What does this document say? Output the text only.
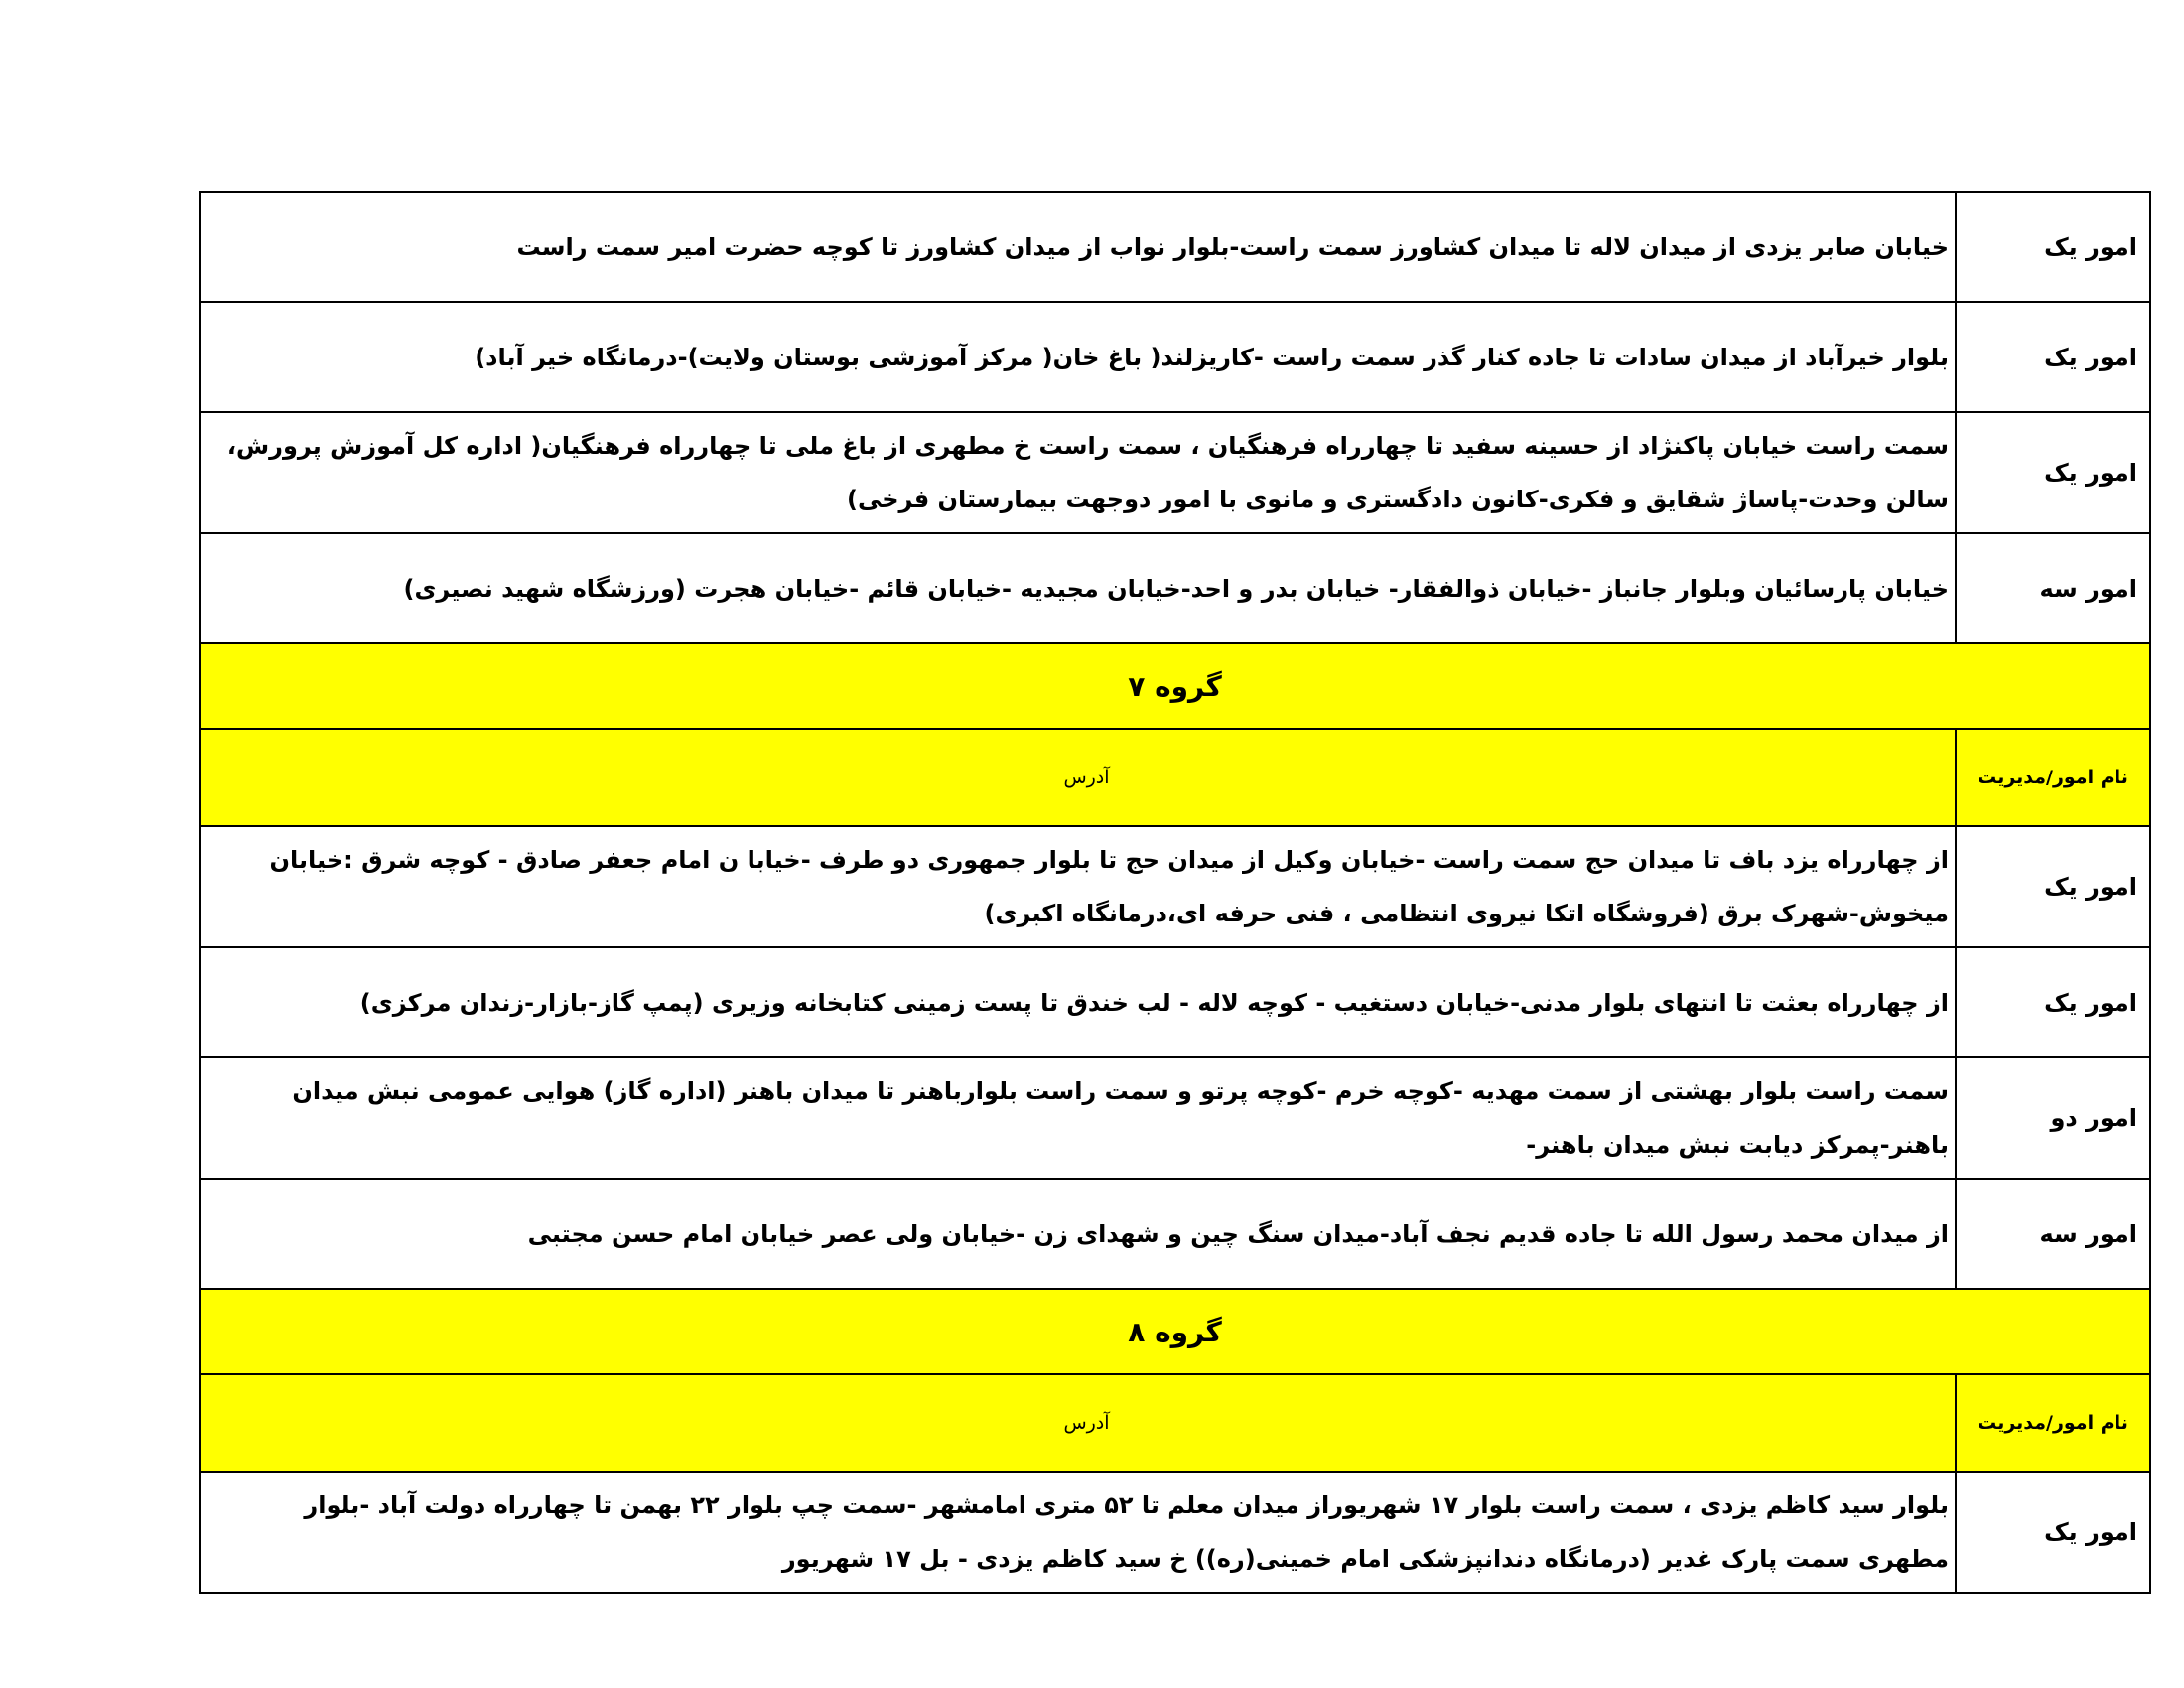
امور یک	خیابان صابر یزدی از میدان لاله تا میدان کشاورز سمت راست-بلوار نواب از میدان کشاورز تا کوچه حضرت امیر سمت راست
امور یک	بلوار خیرآباد از میدان سادات تا جاده کنار گذر سمت راست -کاریزلند( باغ خان( مرکز آموزشی بوستان ولایت)-درمانگاه خیر آباد)
امور یک	سمت راست خیابان پاکنژاد از حسینه سفید تا چهارراه فرهنگیان ، سمت راست خ مطهری از باغ ملی تا چهارراه فرهنگیان( اداره کل آموزش پرورش، سالن وحدت-پاساژ شقایق و فکری-کانون دادگستری و مانوی با امور دوجهت بیمارستان فرخی)
امور سه	خیابان پارسائیان وبلوار جانباز -خیابان ذوالفقار- خیابان بدر و احد-خیابان مجیدیه -خیابان قائم -خیابان هجرت (ورزشگاه شهید نصیری)
گروه ۷	
نام امور/مدیریت	آدرس
امور یک	از چهارراه یزد باف تا میدان حج سمت راست -خیابان وکیل از میدان حج تا بلوار جمهوری دو طرف -خیابا ن امام جعفر صادق - کوچه شرق :خیابان میخوش-شهرک برق (فروشگاه اتکا نیروی انتظامی ، فنی حرفه ای،درمانگاه اکبری)
امور یک	از چهارراه بعثت تا انتهای بلوار مدنی-خیابان دستغیب - کوچه لاله - لب خندق تا پست زمینی کتابخانه وزیری (پمپ گاز-بازار-زندان مرکزی)
امور دو	سمت راست بلوار بهشتی از سمت مهدیه -کوچه خرم -کوچه پرتو و سمت راست بلوارباهنر تا میدان باهنر (اداره گاز) هوایی عمومی نبش میدان باهنر-پمرکز دیابت نبش میدان باهنر-
امور سه	از میدان محمد رسول الله تا جاده قدیم نجف آباد-میدان سنگ چین و شهدای زن -خیابان ولی عصر خیابان امام حسن مجتبی
گروه ۸	
نام امور/مدیریت	آدرس
امور یک	بلوار سید کاظم یزدی ، سمت راست بلوار ۱۷ شهریوراز میدان معلم تا ۵۲ متری امامشهر -سمت چپ بلوار ۲۲ بهمن تا چهارراه دولت آباد -بلوار مطهری سمت پارک غدیر (درمانگاه دندانپزشکی امام خمینی(ره)) خ سید کاظم یزدی - بل ۱۷ شهریور
